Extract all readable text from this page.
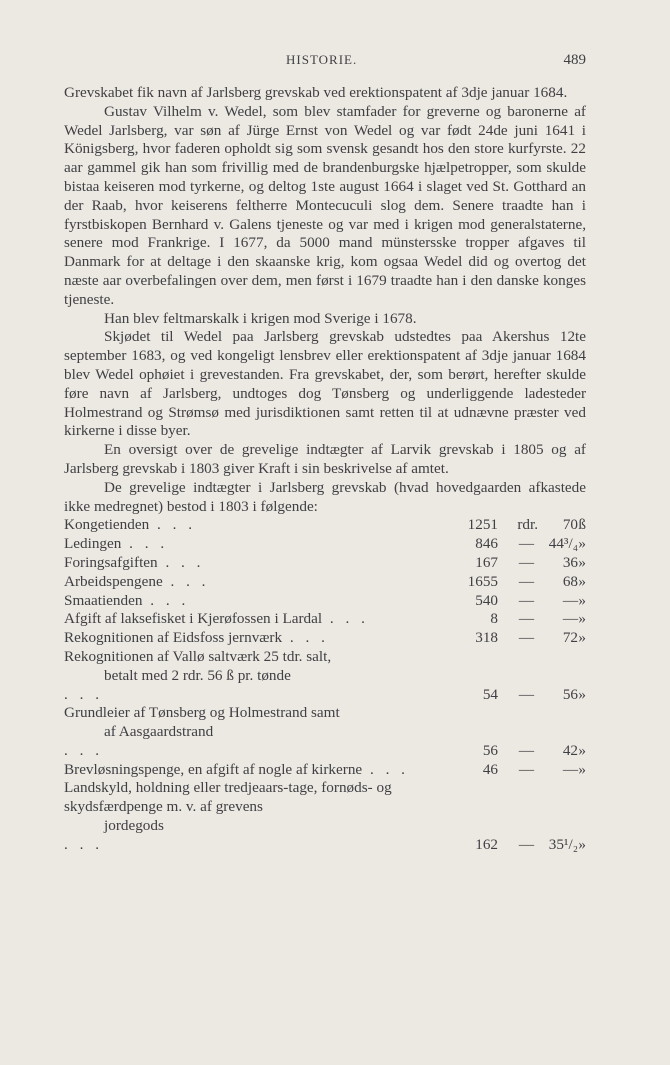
HISTORIE.	489

Grevskabet fik navn af Jarlsberg grevskab ved erektionspatent af 3dje januar 1684.

Gustav Vilhelm v. Wedel, som blev stamfader for greverne og baronerne af Wedel Jarlsberg, var søn af Jürge Ernst von Wedel og var født 24de juni 1641 i Königsberg, hvor faderen opholdt sig som svensk gesandt hos den store kurfyrste. 22 aar gammel gik han som frivillig med de brandenburgske hjælpetropper, som skulde bistaa keiseren mod tyrkerne, og deltog 1ste august 1664 i slaget ved St. Gotthard an der Raab, hvor keiserens feltherre Montecuculi slog dem. Senere traadte han i fyrstbiskopen Bernhard v. Galens tjeneste og var med i krigen mod generalstaterne, senere mod Frankrige. I 1677, da 5000 mand münstersske tropper afgaves til Danmark for at deltage i den skaanske krig, kom ogsaa Wedel did og overtog det næste aar overbefalingen over dem, men først i 1679 traadte han i den danske konges tjeneste.

Han blev feltmarskalk i krigen mod Sverige i 1678.

Skjødet til Wedel paa Jarlsberg grevskab udstedtes paa Akershus 12te september 1683, og ved kongeligt lensbrev eller erektionspatent af 3dje januar 1684 blev Wedel ophøiet i grevestanden. Fra grevskabet, der, som berørt, herefter skulde føre navn af Jarlsberg, undtoges dog Tønsberg og underliggende ladesteder Holmestrand og Strømsø med jurisdiktionen samt retten til at udnævne præster ved kirkerne i disse byer.

En oversigt over de grevelige indtægter af Larvik grevskab i 1805 og af Jarlsberg grevskab i 1803 giver Kraft i sin beskrivelse af amtet.

De grevelige indtægter i Jarlsberg grevskab (hvad hovedgaarden afkastede ikke medregnet) bestod i 1803 i følgende:

Kongetienden . . .	1251 rdr. 70 ß
Ledingen . . .	846 — 44³/₄ »
Foringsafgiften . . .	167 — 36 »
Arbeidspengene . . .	1655 — 68 »
Smaatienden . . .	540 — — »
Afgift af laksefisket i Kjerøfossen i Lardal . . .	8 — — »
Rekognitionen af Eidsfoss jernværk . . .	318 — 72 »
Rekognitionen af Vallø saltværk 25 tdr. salt,
betalt med 2 rdr. 56 ß pr. tønde
. . .	54 — 56 »
Grundleier af Tønsberg og Holmestrand samt
af Aasgaardstrand
. . .	56 — 42 »
Brevløsningspenge, en afgift af nogle af kirkerne . . .	46 — — »
Landskyld, holdning eller tredjeaars-tage, fornøds- og skydsfærdpenge m. v. af grevens
jordegods
. . .	162 — 35¹/₂ »
